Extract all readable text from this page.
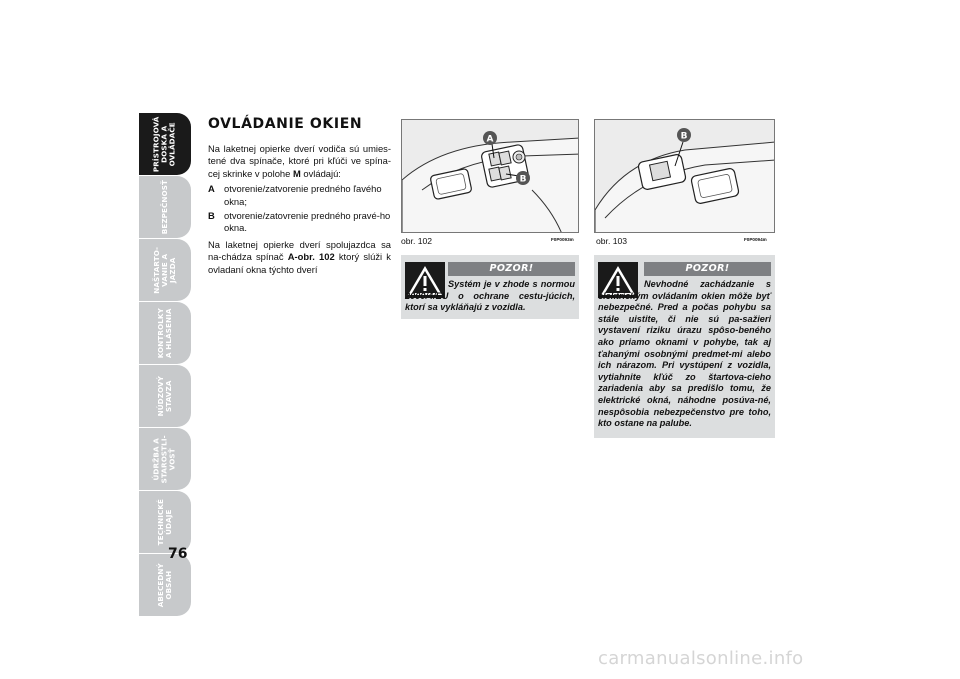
PRÍSTROJOVÁ
DOSKA A
OVLÁDAČE
BEZPEČNOSŤ
NAŠTARTO-
VANIE A
JAZDA
KONTROLKY
A HLÁSENIA
NÚDZOVÝ
STAVZA
ÚDRŽBA A
STAROSTLI-
VOSŤ
TECHNICKÉ
ÚDAJE
ABECEDNÝ
OBSAH
76
OVLÁDANIE OKIEN

Na laketnej opierke dverí vodiča sú umies-tené dva spínače, ktoré pri kľúči ve spína-cej skrinke v polohe M ovládajú:

A otvorenie/zatvorenie predného ľavého okna;
B otvorenie/zatovrenie predného pravé-ho okna.

Na laketnej opierke dverí spolujazdca sa na-chádza spínač A-obr. 102 ktorý slúži k ovladaní okna týchto dverí

A
B
obr. 102	F0P0093m
B
obr. 103	F0P0094m
POZOR!
Systém je v zhode s normou 2000/4/EU o ochrane cestu-júcich, ktorí sa vykláňajú z vozidla.
POZOR!
Nevhodné zachádzanie s elektrickým ovládaním okien môže byť nebezpečné. Pred a počas pohybu sa stále uistite, či nie sú pa-sažieri vystavení riziku úrazu spôso-beného ako priamo oknami v pohybe, tak aj ťahanými osobnými predmet-mi alebo ich nárazom. Pri vystúpení z vozidla, vytiahnite kľúč zo štartova-cieho zariadenia aby sa predišlo tomu, že elektrické okná, náhodne posúva-né, nespôsobia nebezpečenstvo pre toho, kto ostane na palube.
carmanualsonline.info
